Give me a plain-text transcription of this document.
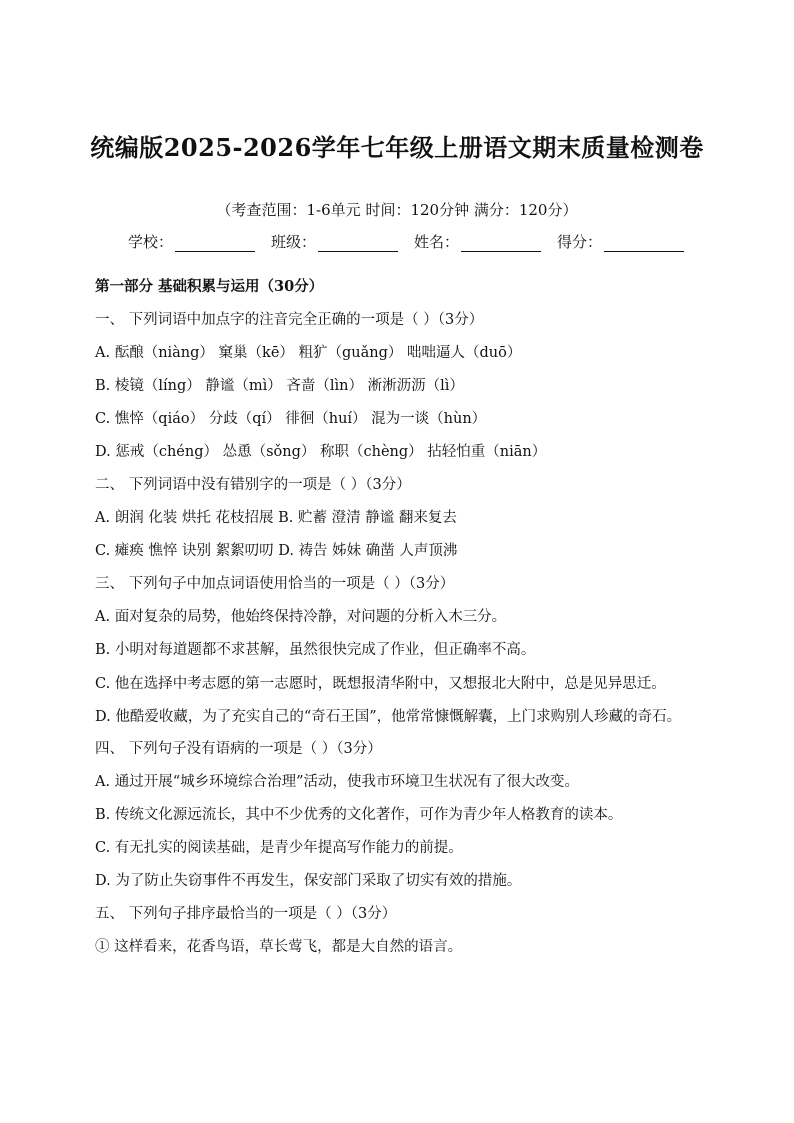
统编版2025-2026学年七年级上册语文期末质量检测卷
（考查范围：1-6单元 时间：120分钟 满分：120分）
学校：	班级：	姓名：	得分：
第一部分 基础积累与运用（30分）
一、 下列词语中加点字的注音完全正确的一项是（ ）（3分）
A. 酝酿（niàng） 窠巢（kē） 粗犷（guǎng） 咄咄逼人（duō）
B. 棱镜（líng） 静谧（mì） 吝啬（lìn） 淅淅沥沥（lì）
C. 憔悴（qiáo） 分歧（qí） 徘徊（huí） 混为一谈（hùn）
D. 惩戒（chéng） 怂恿（sǒng） 称职（chèng） 拈轻怕重（niān）
二、 下列词语中没有错别字的一项是（ ）（3分）
A. 朗润 化装 烘托 花枝招展 B. 贮蓄 澄清 静谧 翻来复去
C. 瘫痪 憔悴 诀别 絮絮叨叨 D. 祷告 姊妹 确凿 人声顶沸
三、 下列句子中加点词语使用恰当的一项是（ ）（3分）
A. 面对复杂的局势，他始终保持冷静，对问题的分析入木三分。
B. 小明对每道题都不求甚解，虽然很快完成了作业，但正确率不高。
C. 他在选择中考志愿的第一志愿时，既想报清华附中，又想报北大附中，总是见异思迁。
D. 他酷爱收藏，为了充实自己的“奇石王国”，他常常慷慨解囊，上门求购别人珍藏的奇石。
四、 下列句子没有语病的一项是（ ）（3分）
A. 通过开展“城乡环境综合治理”活动，使我市环境卫生状况有了很大改变。
B. 传统文化源远流长，其中不少优秀的文化著作，可作为青少年人格教育的读本。
C. 有无扎实的阅读基础，是青少年提高写作能力的前提。
D. 为了防止失窃事件不再发生，保安部门采取了切实有效的措施。
五、 下列句子排序最恰当的一项是（ ）（3分）
① 这样看来，花香鸟语，草长莺飞，都是大自然的语言。
